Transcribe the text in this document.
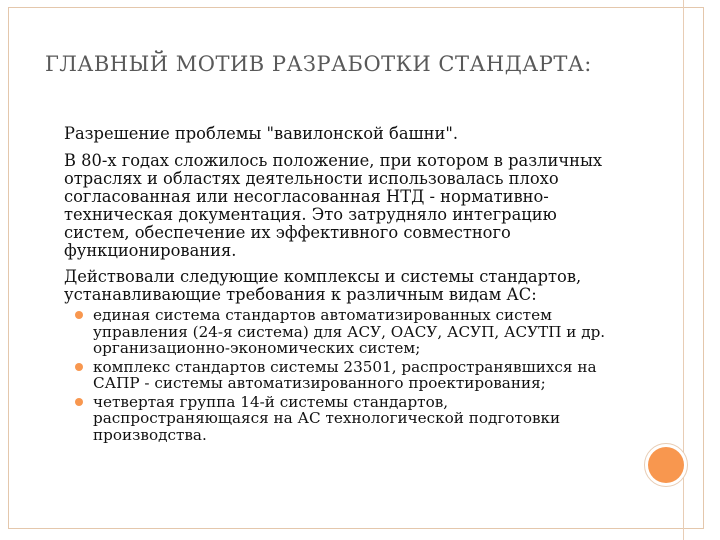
ГЛАВНЫЙ МОТИВ РАЗРАБОТКИ СТАНДАРТА:

Разрешение проблемы "вавилонской башни".

В 80-х годах сложилось положение, при котором в различных отраслях и областях деятельности использовалась плохо согласованная или несогласованная НТД - нормативно-техническая документация. Это затрудняло интеграцию систем, обеспечение их эффективного совместного функционирования.

Действовали следующие комплексы и системы стандартов, устанавливающие требования к различным видам АС:

единая система стандартов автоматизированных систем управления (24-я система) для АСУ, ОАСУ, АСУП, АСУТП и др. организационно-экономических систем;
комплекс стандартов системы 23501, распространявшихся на САПР - системы автоматизированного проектирования;
четвертая группа 14-й системы стандартов, распространяющаяся на АС технологической подготовки производства.
